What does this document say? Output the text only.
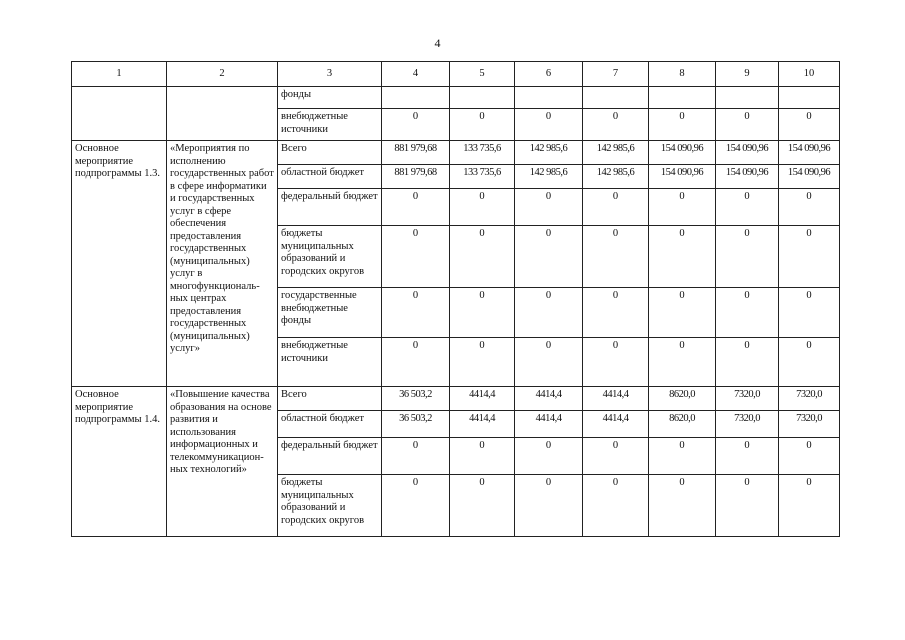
4
1	2	3	4	5	6	7	8	9	10
		фонды							
		внебюджетные источники	0	0	0	0	0	0	0
Основное мероприятие подпрограммы 1.3.	«Мероприятия по исполнению государственных работ в сфере информатики и государственных услуг в сфере обеспечения предоставления государственных (муниципальных) услуг в многофункциональ-ных центрах предоставления государственных (муниципальных) услуг»	Всего	881 979,68	133 735,6	142 985,6	142 985,6	154 090,96	154 090,96	154 090,96
		областной бюджет	881 979,68	133 735,6	142 985,6	142 985,6	154 090,96	154 090,96	154 090,96
		федеральный бюджет	0	0	0	0	0	0	0
		бюджеты муниципальных образований и городских округов	0	0	0	0	0	0	0
		государственные внебюджетные фонды	0	0	0	0	0	0	0
		внебюджетные источники	0	0	0	0	0	0	0
Основное мероприятие подпрограммы 1.4.	«Повышение качества образования на основе развития и использования информационных и телекоммуникацион-ных технологий»	Всего	36 503,2	4414,4	4414,4	4414,4	8620,0	7320,0	7320,0
		областной бюджет	36 503,2	4414,4	4414,4	4414,4	8620,0	7320,0	7320,0
		федеральный бюджет	0	0	0	0	0	0	0
		бюджеты муниципальных образований и городских округов	0	0	0	0	0	0	0
